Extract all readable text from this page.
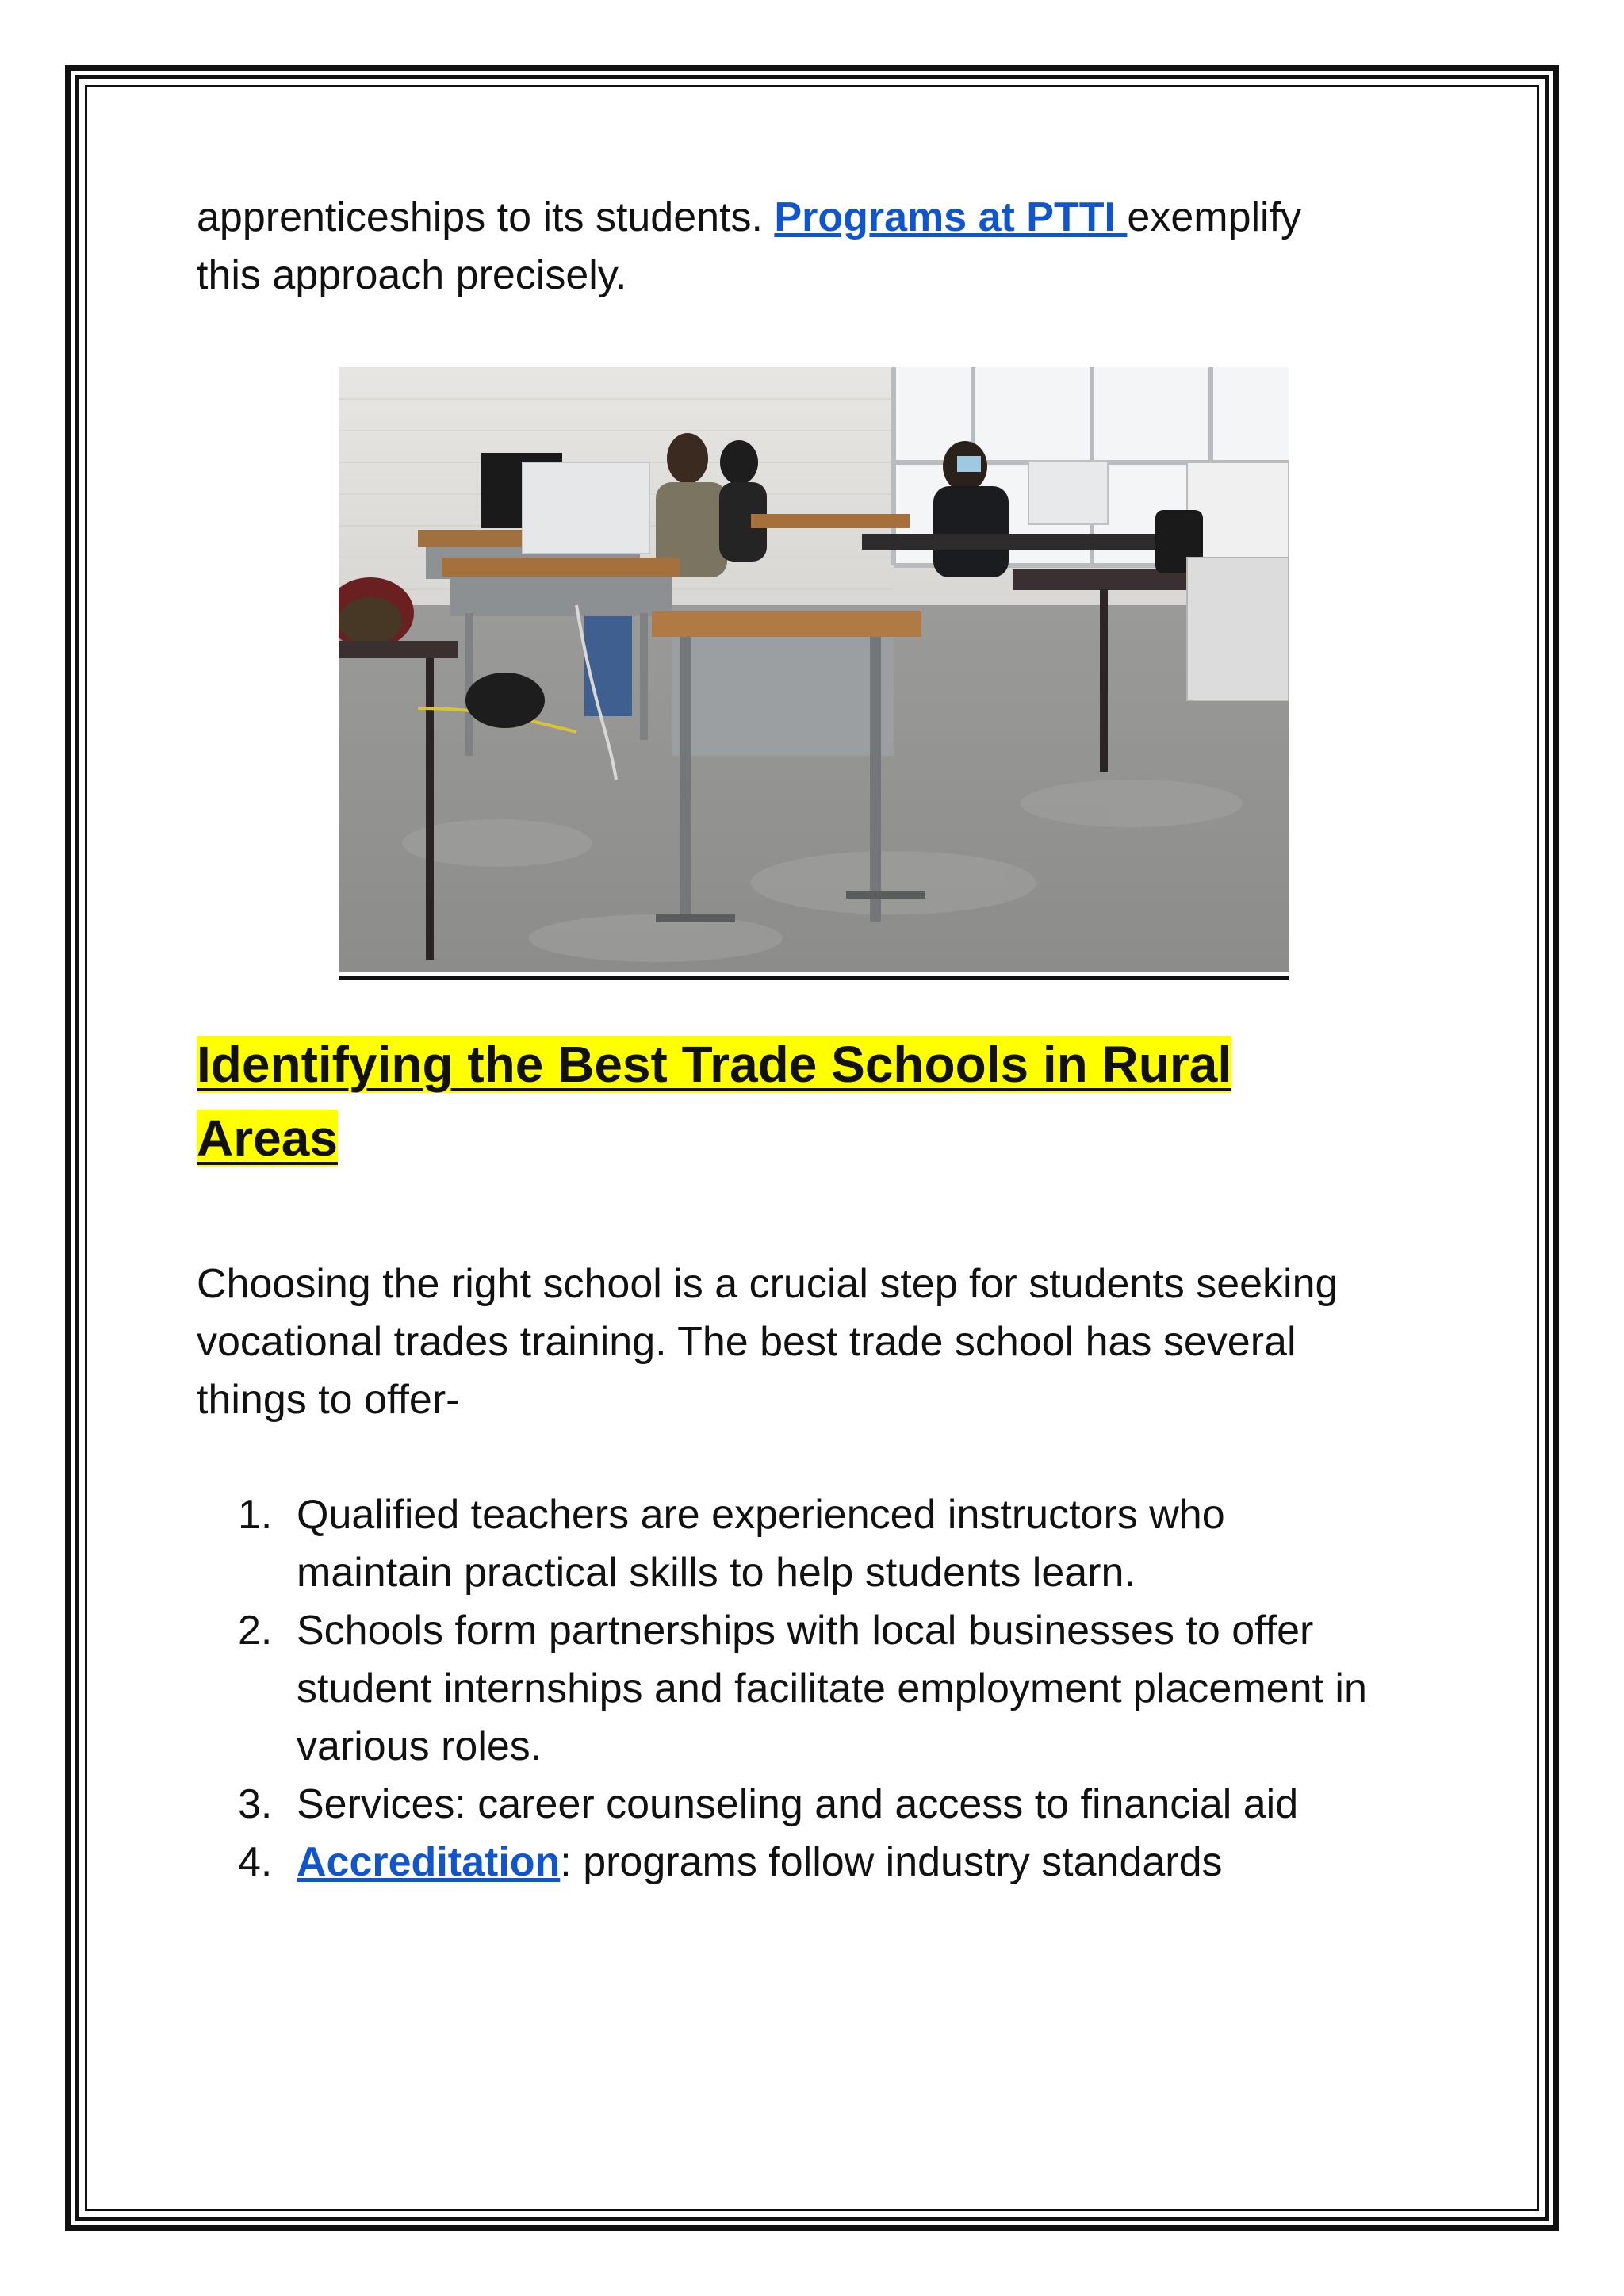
apprenticeships to its students. Programs at PTTI exemplify

this approach precisely.

Identifying the Best Trade Schools in Rural
Areas

Choosing the right school is a crucial step for students seeking

vocational trades training. The best trade school has several

things to offer-

1. Qualified teachers are experienced instructors who
maintain practical skills to help students learn.
2. Schools form partnerships with local businesses to offer
student internships and facilitate employment placement in
various roles.
3. Services: career counseling and access to financial aid
4. Accreditation: programs follow industry standards
